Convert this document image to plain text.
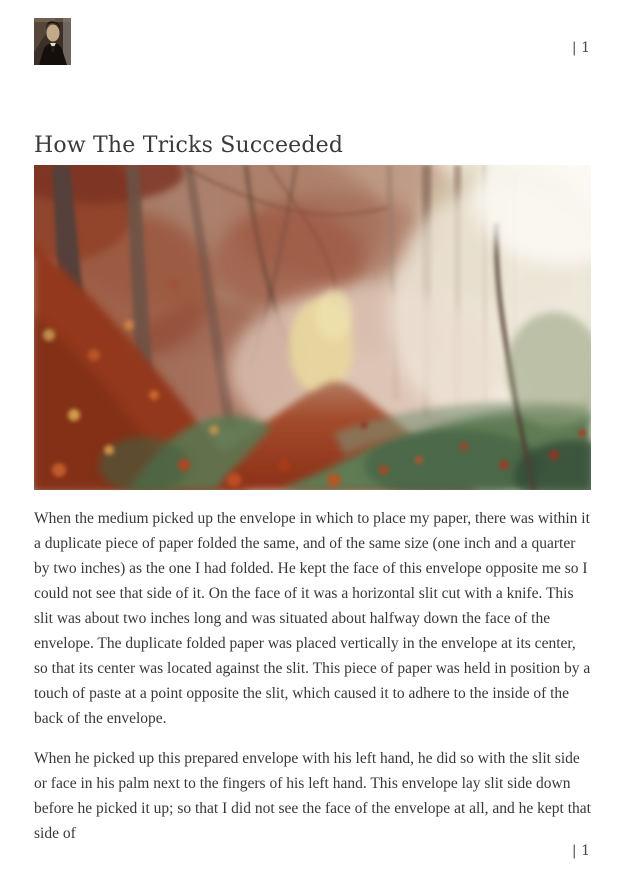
| 1
How The Tricks Succeeded

When the medium picked up the envelope in which to place my paper, there was within it a duplicate piece of paper folded the same, and of the same size (one inch and a quarter by two inches) as the one I had folded. He kept the face of this envelope opposite me so I could not see that side of it. On the face of it was a horizontal slit cut with a knife. This slit was about two inches long and was situated about halfway down the face of the envelope. The duplicate folded paper was placed vertically in the envelope at its center, so that its center was located against the slit. This piece of paper was held in position by a touch of paste at a point opposite the slit, which caused it to adhere to the inside of the back of the envelope.

When he picked up this prepared envelope with his left hand, he did so with the slit side or face in his palm next to the fingers of his left hand. This envelope lay slit side down before he picked it up; so that I did not see the face of the envelope at all, and he kept that side of

| 1
